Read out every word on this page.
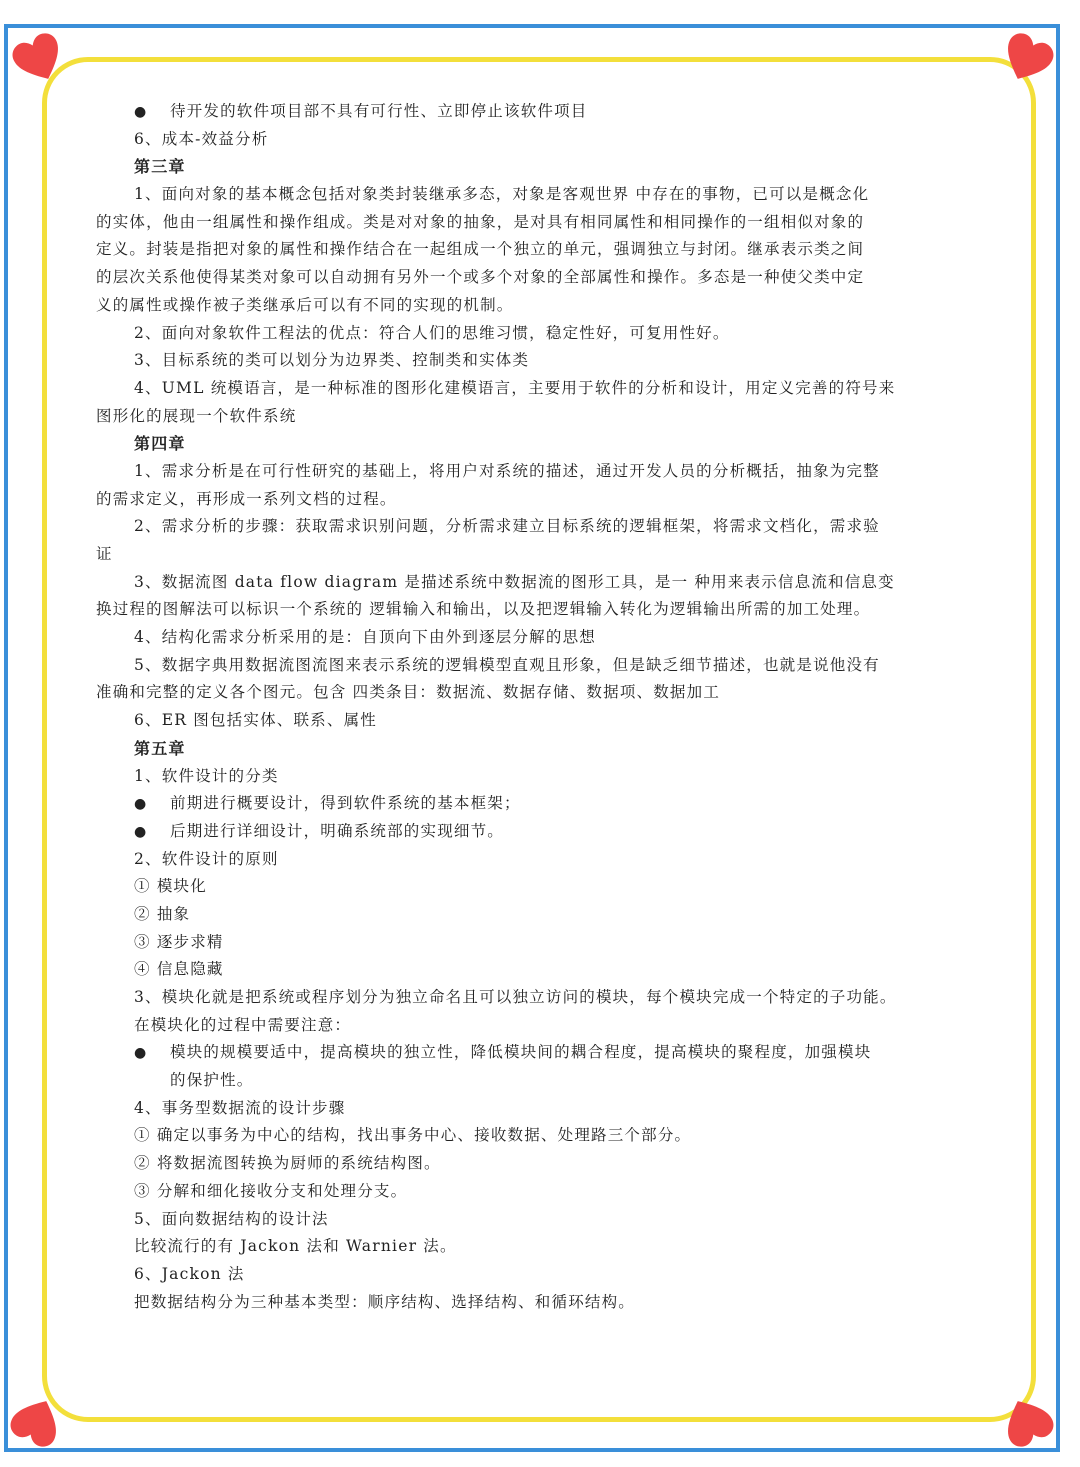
● 待开发的软件项目部不具有可行性、立即停止该软件项目
6、成本-效益分析
第三章
1、面向对象的基本概念包括对象类封装继承多态，对象是客观世界 中存在的事物，已可以是概念化
的实体，他由一组属性和操作组成。类是对对象的抽象，是对具有相同属性和相同操作的一组相似对象的
定义。封装是指把对象的属性和操作结合在一起组成一个独立的单元，强调独立与封闭。继承表示类之间
的层次关系他使得某类对象可以自动拥有另外一个或多个对象的全部属性和操作。多态是一种使父类中定
义的属性或操作被子类继承后可以有不同的实现的机制。
2、面向对象软件工程法的优点：符合人们的思维习惯，稳定性好，可复用性好。
3、目标系统的类可以划分为边界类、控制类和实体类
4、UML 统模语言，是一种标准的图形化建模语言，主要用于软件的分析和设计，用定义完善的符号来
图形化的展现一个软件系统
第四章
1、需求分析是在可行性研究的基础上，将用户对系统的描述，通过开发人员的分析概括，抽象为完整
的需求定义，再形成一系列文档的过程。
2、需求分析的步骤：获取需求识别问题，分析需求建立目标系统的逻辑框架，将需求文档化，需求验
证
3、数据流图 data flow diagram 是描述系统中数据流的图形工具，是一 种用来表示信息流和信息变
换过程的图解法可以标识一个系统的 逻辑输入和输出，以及把逻辑输入转化为逻辑输出所需的加工处理。
4、结构化需求分析采用的是：自顶向下由外到逐层分解的思想
5、数据字典用数据流图流图来表示系统的逻辑模型直观且形象，但是缺乏细节描述，也就是说他没有
准确和完整的定义各个图元。包含 四类条目：数据流、数据存储、数据项、数据加工
6、ER 图包括实体、联系、属性
第五章
1、软件设计的分类
● 前期进行概要设计，得到软件系统的基本框架；
● 后期进行详细设计，明确系统部的实现细节。
2、软件设计的原则
① 模块化
② 抽象
③ 逐步求精
④ 信息隐藏
3、模块化就是把系统或程序划分为独立命名且可以独立访问的模块，每个模块完成一个特定的子功能。
在模块化的过程中需要注意：
● 模块的规模要适中，提高模块的独立性，降低模块间的耦合程度，提高模块的聚程度，加强模块
的保护性。
4、事务型数据流的设计步骤
① 确定以事务为中心的结构，找出事务中心、接收数据、处理路三个部分。
② 将数据流图转换为厨师的系统结构图。
③ 分解和细化接收分支和处理分支。
5、面向数据结构的设计法
比较流行的有 Jackon 法和 Warnier 法。
6、Jackon 法
把数据结构分为三种基本类型：顺序结构、选择结构、和循环结构。
